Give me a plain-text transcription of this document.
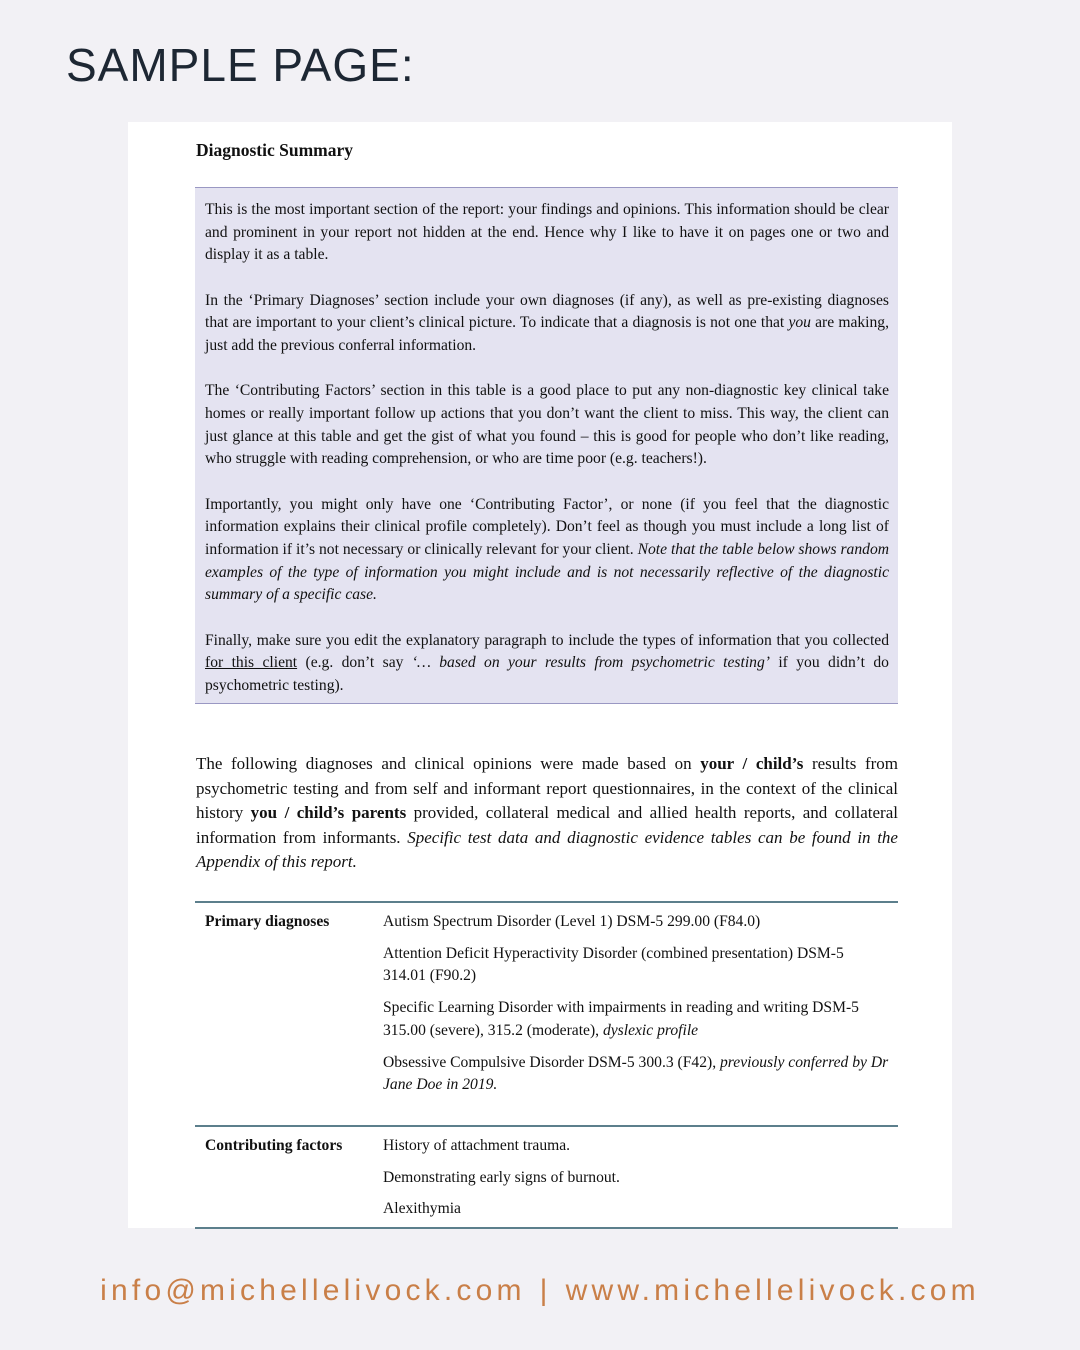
SAMPLE PAGE:
Diagnostic Summary

This is the most important section of the report: your findings and opinions. This information should be clear and prominent in your report not hidden at the end. Hence why I like to have it on pages one or two and display it as a table.

In the ‘Primary Diagnoses’ section include your own diagnoses (if any), as well as pre-existing diagnoses that are important to your client’s clinical picture. To indicate that a diagnosis is not one that you are making, just add the previous conferral information.

The ‘Contributing Factors’ section in this table is a good place to put any non-diagnostic key clinical take homes or really important follow up actions that you don’t want the client to miss. This way, the client can just glance at this table and get the gist of what you found – this is good for people who don’t like reading, who struggle with reading comprehension, or who are time poor (e.g. teachers!).

Importantly, you might only have one ‘Contributing Factor’, or none (if you feel that the diagnostic information explains their clinical profile completely). Don’t feel as though you must include a long list of information if it’s not necessary or clinically relevant for your client. Note that the table below shows random examples of the type of information you might include and is not necessarily reflective of the diagnostic summary of a specific case.

Finally, make sure you edit the explanatory paragraph to include the types of information that you collected for this client (e.g. don’t say ‘… based on your results from psychometric testing’ if you didn’t do psychometric testing).

The following diagnoses and clinical opinions were made based on your / child’s results from psychometric testing and from self and informant report questionnaires, in the context of the clinical history you / child’s parents provided, collateral medical and allied health reports, and collateral information from informants. Specific test data and diagnostic evidence tables can be found in the Appendix of this report.

Primary diagnoses	Autism Spectrum Disorder (Level 1) DSM-5 299.00 (F84.0)
Attention Deficit Hyperactivity Disorder (combined presentation) DSM-5 314.01 (F90.2)
Specific Learning Disorder with impairments in reading and writing DSM-5 315.00 (severe), 315.2 (moderate), dyslexic profile
Obsessive Compulsive Disorder DSM-5 300.3 (F42), previously conferred by Dr Jane Doe in 2019.

Contributing factors	History of attachment trauma.
Demonstrating early signs of burnout.
Alexithymia
info@michellelivock.com | www.michellelivock.com
